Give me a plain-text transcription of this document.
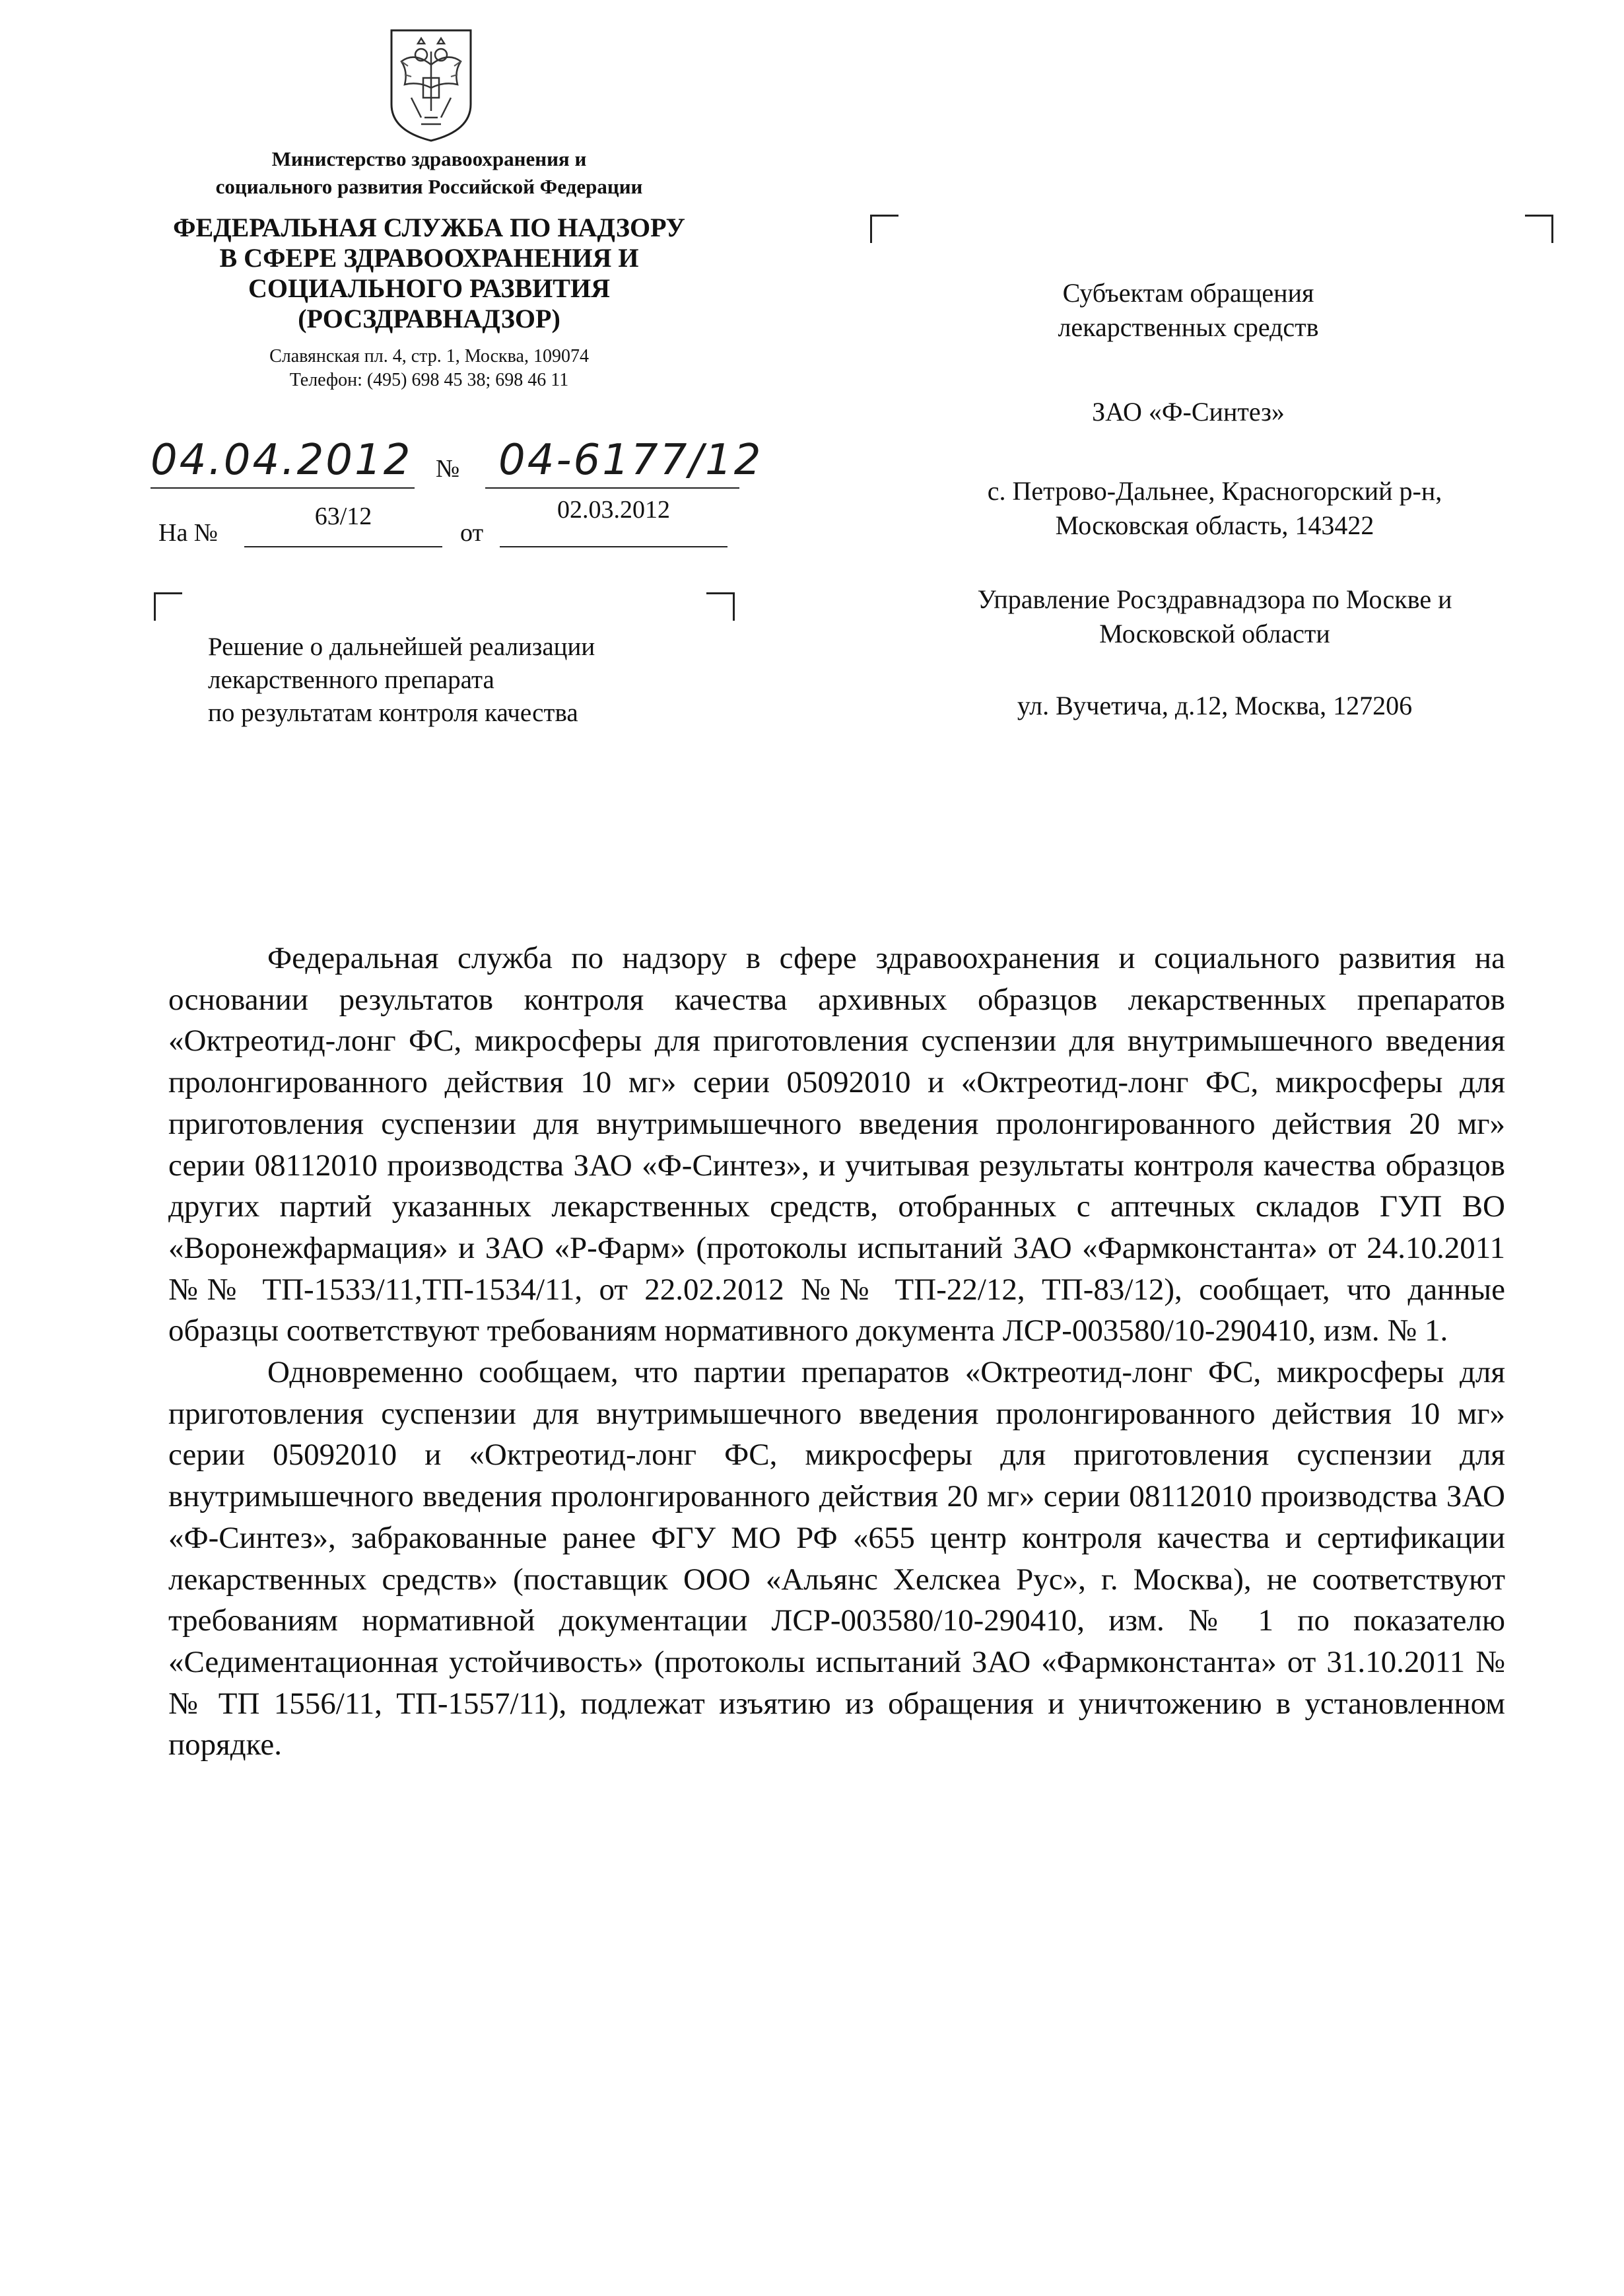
Министерство здравоохранения и
социального развития Российской Федерации
ФЕДЕРАЛЬНАЯ СЛУЖБА ПО НАДЗОРУ
В СФЕРЕ ЗДРАВООХРАНЕНИЯ И
СОЦИАЛЬНОГО РАЗВИТИЯ
(РОСЗДРАВНАДЗОР)
Славянская пл. 4, стр. 1, Москва, 109074
Телефон: (495) 698 45 38; 698 46 11
04.04.2012 № 04-6177/12
На №
63/12
от
02.03.2012
Решение о дальнейшей реализации
лекарственного препарата
по результатам контроля качества
Субъектам обращения
лекарственных средств
ЗАО «Ф-Синтез»
с. Петрово-Дальнее, Красногорский р-н,
Московская область, 143422
Управление Росздравнадзора по Москве и
Московской области
ул. Вучетича, д.12, Москва, 127206

Федеральная служба по надзору в сфере здравоохранения и социального развития на основании результатов контроля качества архивных образцов лекарственных препаратов «Октреотид-лонг ФС, микросферы для приготовления суспензии для внутримышечного введения пролонгированного действия 10 мг» серии 05092010 и «Октреотид-лонг ФС, микросферы для приготовления суспензии для внутримышечного введения пролонгированного действия 20 мг» серии 08112010 производства ЗАО «Ф-Синтез», и учитывая результаты контроля качества образцов других партий указанных лекарственных средств, отобранных с аптечных складов ГУП ВО «Воронежфармация» и ЗАО «Р-Фарм» (протоколы испытаний ЗАО «Фармконстанта» от 24.10.2011 №№ ТП-1533/11,ТП-1534/11, от 22.02.2012 №№ ТП-22/12, ТП-83/12), сообщает, что данные образцы соответствуют требованиям нормативного документа ЛСР-003580/10-290410, изм. № 1.

Одновременно сообщаем, что партии препаратов «Октреотид-лонг ФС, микросферы для приготовления суспензии для внутримышечного введения пролонгированного действия 10 мг» серии 05092010 и «Октреотид-лонг ФС, микросферы для приготовления суспензии для внутримышечного введения пролонгированного действия 20 мг» серии 08112010 производства ЗАО «Ф-Синтез», забракованные ранее ФГУ МО РФ «655 центр контроля качества и сертификации лекарственных средств» (поставщик ООО «Альянс Хелскеа Рус», г. Москва), не соответствуют требованиям нормативной документации ЛСР-003580/10-290410, изм. № 1 по показателю «Седиментационная устойчивость» (протоколы испытаний ЗАО «Фармконстанта» от 31.10.2011 №№ ТП 1556/11, ТП-1557/11), подлежат изъятию из обращения и уничтожению в установленном порядке.
